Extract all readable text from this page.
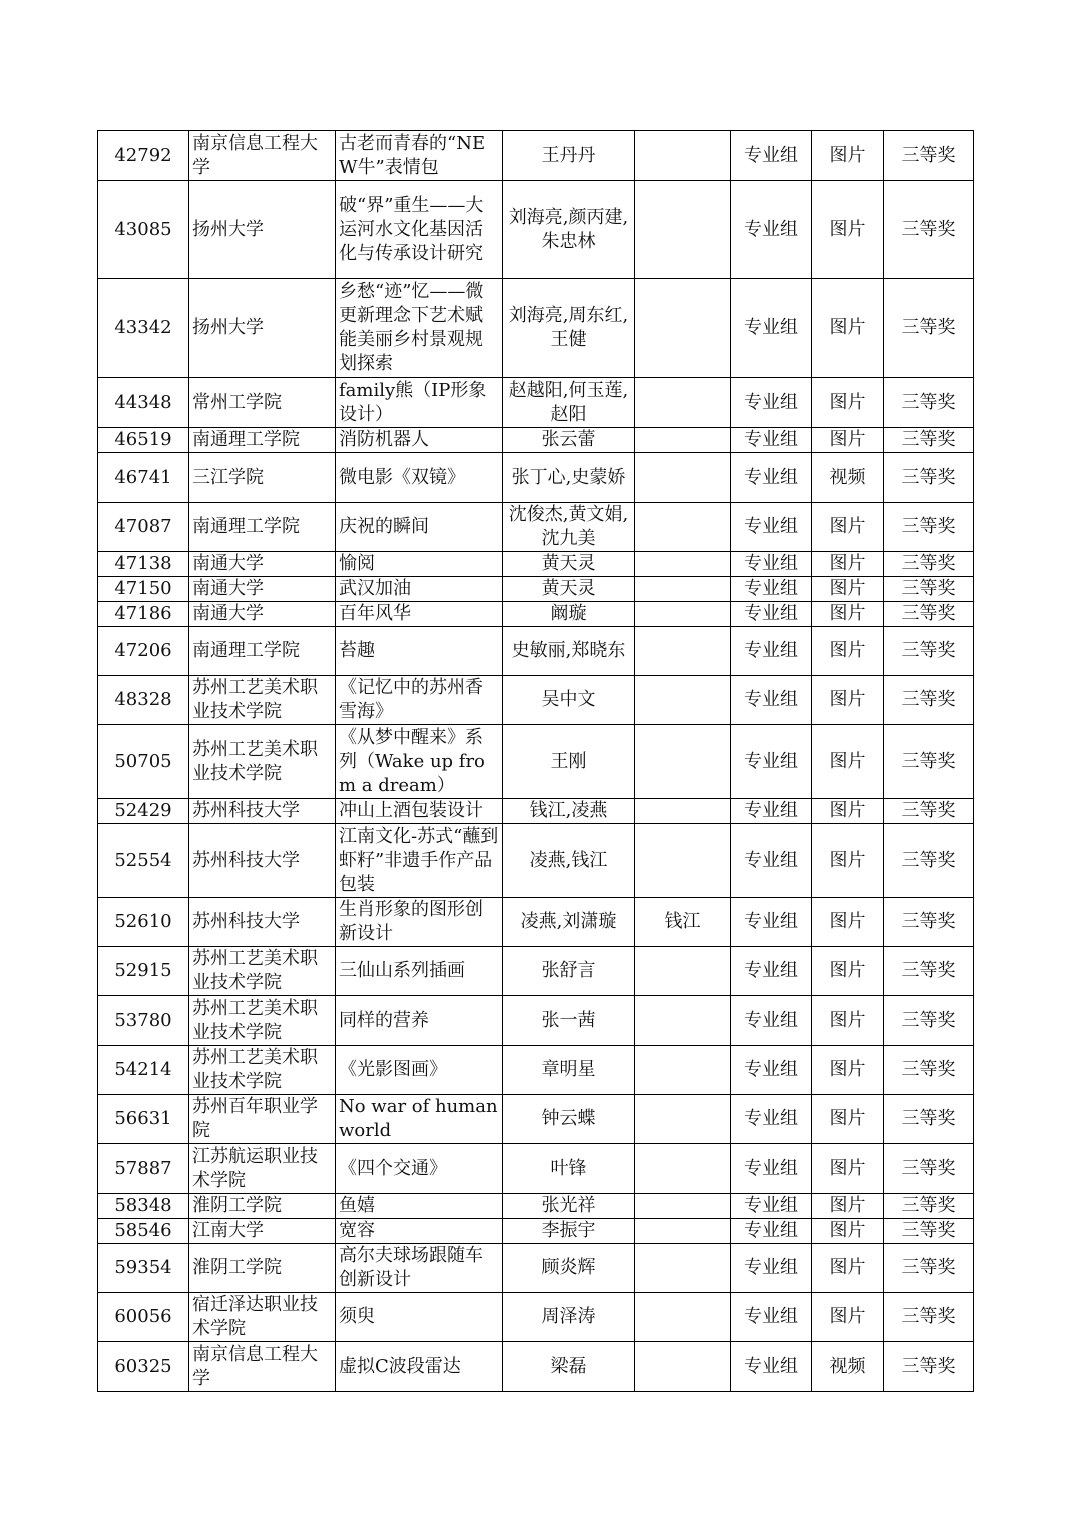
42792	南京信息工程大学	古老而青春的“NEW牛”表情包	王丹丹		专业组	图片	三等奖
43085	扬州大学	破“界”重生——大运河水文化基因活化与传承设计研究	刘海亮,颜丙建,朱忠林		专业组	图片	三等奖
43342	扬州大学	乡愁“迹”忆——微更新理念下艺术赋能美丽乡村景观规划探索	刘海亮,周东红,王健		专业组	图片	三等奖
44348	常州工学院	family熊（IP形象设计）	赵越阳,何玉莲,赵阳		专业组	图片	三等奖
46519	南通理工学院	消防机器人	张云蕾		专业组	图片	三等奖
46741	三江学院	微电影《双镜》	张丁心,史蒙娇		专业组	视频	三等奖
47087	南通理工学院	庆祝的瞬间	沈俊杰,黄文娟,沈九美		专业组	图片	三等奖
47138	南通大学	愉阅	黄天灵		专业组	图片	三等奖
47150	南通大学	武汉加油	黄天灵		专业组	图片	三等奖
47186	南通大学	百年风华	阚璇		专业组	图片	三等奖
47206	南通理工学院	苔趣	史敏丽,郑晓东		专业组	图片	三等奖
48328	苏州工艺美术职业技术学院	《记忆中的苏州香雪海》	吴中文		专业组	图片	三等奖
50705	苏州工艺美术职业技术学院	《从梦中醒来》系列（Wake up from a dream）	王刚		专业组	图片	三等奖
52429	苏州科技大学	冲山上酒包装设计	钱江,凌燕		专业组	图片	三等奖
52554	苏州科技大学	江南文化-苏式“蘸到虾籽”非遗手作产品包装	凌燕,钱江		专业组	图片	三等奖
52610	苏州科技大学	生肖形象的图形创新设计	凌燕,刘潇璇	钱江	专业组	图片	三等奖
52915	苏州工艺美术职业技术学院	三仙山系列插画	张舒言		专业组	图片	三等奖
53780	苏州工艺美术职业技术学院	同样的营养	张一茜		专业组	图片	三等奖
54214	苏州工艺美术职业技术学院	《光影图画》	章明星		专业组	图片	三等奖
56631	苏州百年职业学院	No war of human world	钟云蝶		专业组	图片	三等奖
57887	江苏航运职业技术学院	《四个交通》	叶锋		专业组	图片	三等奖
58348	淮阴工学院	鱼嬉	张光祥		专业组	图片	三等奖
58546	江南大学	宽容	李振宇		专业组	图片	三等奖
59354	淮阴工学院	高尔夫球场跟随车创新设计	顾炎辉		专业组	图片	三等奖
60056	宿迁泽达职业技术学院	须臾	周泽涛		专业组	图片	三等奖
60325	南京信息工程大学	虚拟C波段雷达	梁磊		专业组	视频	三等奖
